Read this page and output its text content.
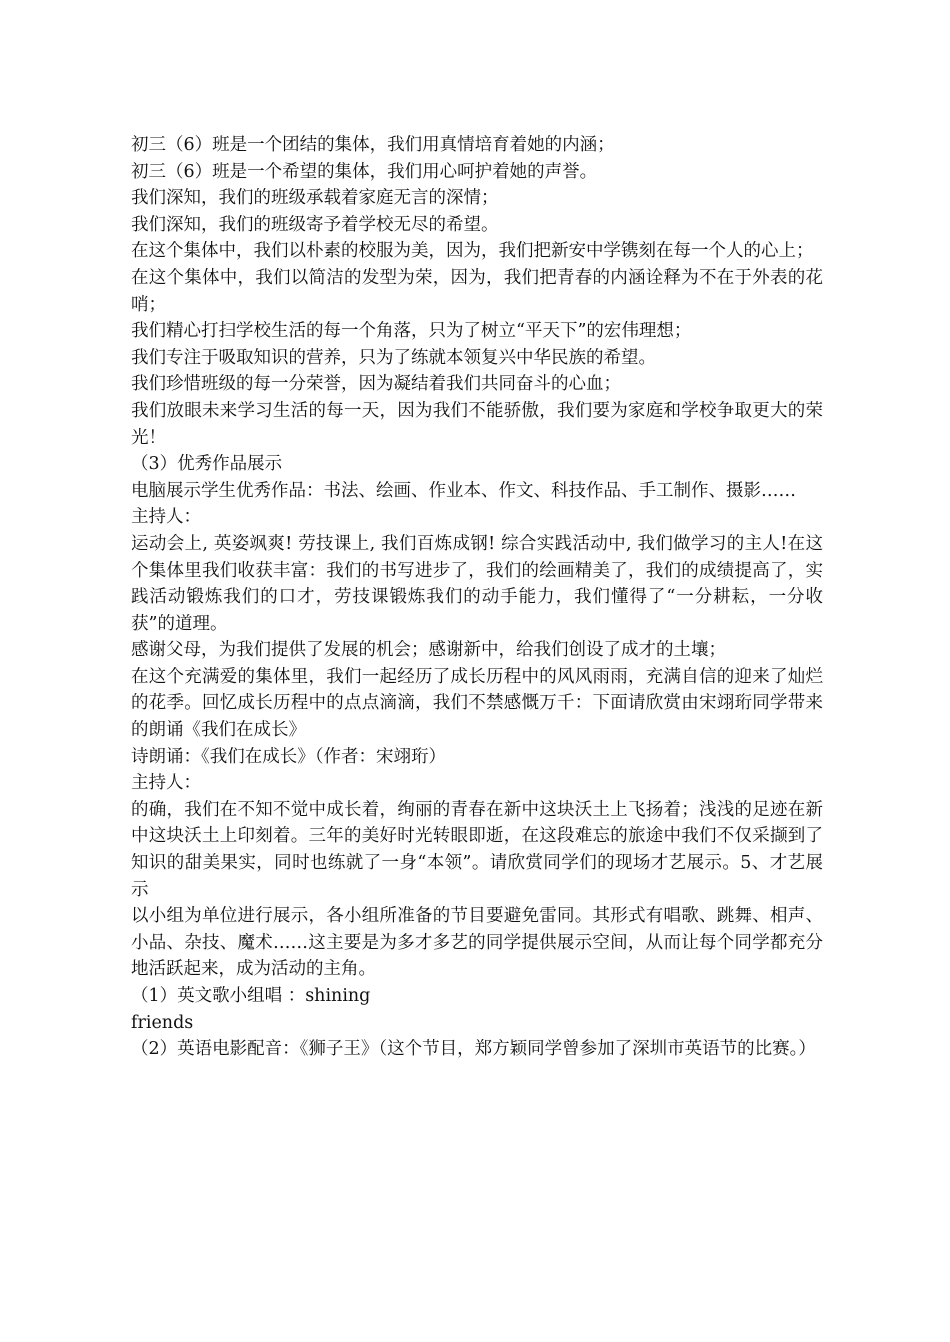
初三（6）班是一个团结的集体，我们用真情培育着她的内涵；

初三（6）班是一个希望的集体，我们用心呵护着她的声誉。

我们深知，我们的班级承载着家庭无言的深情；

我们深知，我们的班级寄予着学校无尽的希望。

在这个集体中，我们以朴素的校服为美，因为，我们把新安中学镌刻在每一个人的心上；

在这个集体中，我们以简洁的发型为荣，因为，我们把青春的内涵诠释为不在于外表的花哨；

我们精心打扫学校生活的每一个角落，只为了树立“平天下”的宏伟理想；

我们专注于吸取知识的营养，只为了练就本领复兴中华民族的希望。

我们珍惜班级的每一分荣誉，因为凝结着我们共同奋斗的心血；

我们放眼未来学习生活的每一天，因为我们不能骄傲，我们要为家庭和学校争取更大的荣光！

（3）优秀作品展示

电脑展示学生优秀作品：书法、绘画、作业本、作文、科技作品、手工制作、摄影……

主持人：

运动会上, 英姿飒爽! 劳技课上, 我们百炼成钢! 综合实践活动中, 我们做学习的主人!在这个集体里我们收获丰富：我们的书写进步了，我们的绘画精美了，我们的成绩提高了，实践活动锻炼我们的口才，劳技课锻炼我们的动手能力，我们懂得了“一分耕耘，一分收获”的道理。

感谢父母，为我们提供了发展的机会；感谢新中，给我们创设了成才的土壤；

在这个充满爱的集体里，我们一起经历了成长历程中的风风雨雨，充满自信的迎来了灿烂的花季。回忆成长历程中的点点滴滴，我们不禁感慨万千：下面请欣赏由宋翊珩同学带来的朗诵《我们在成长》

诗朗诵：《我们在成长》（作者：宋翊珩）

主持人：

的确，我们在不知不觉中成长着，绚丽的青春在新中这块沃土上飞扬着；浅浅的足迹在新中这块沃土上印刻着。三年的美好时光转眼即逝，在这段难忘的旅途中我们不仅采撷到了知识的甜美果实，同时也练就了一身“本领”。请欣赏同学们的现场才艺展示。5、才艺展示

以小组为单位进行展示，各小组所准备的节目要避免雷同。其形式有唱歌、跳舞、相声、小品、杂技、魔术……这主要是为多才多艺的同学提供展示空间，从而让每个同学都充分地活跃起来，成为活动的主角。

（1）英文歌小组唱 ：shining

friends

（2）英语电影配音：《狮子王》（这个节目，郑方颖同学曾参加了深圳市英语节的比赛。）
